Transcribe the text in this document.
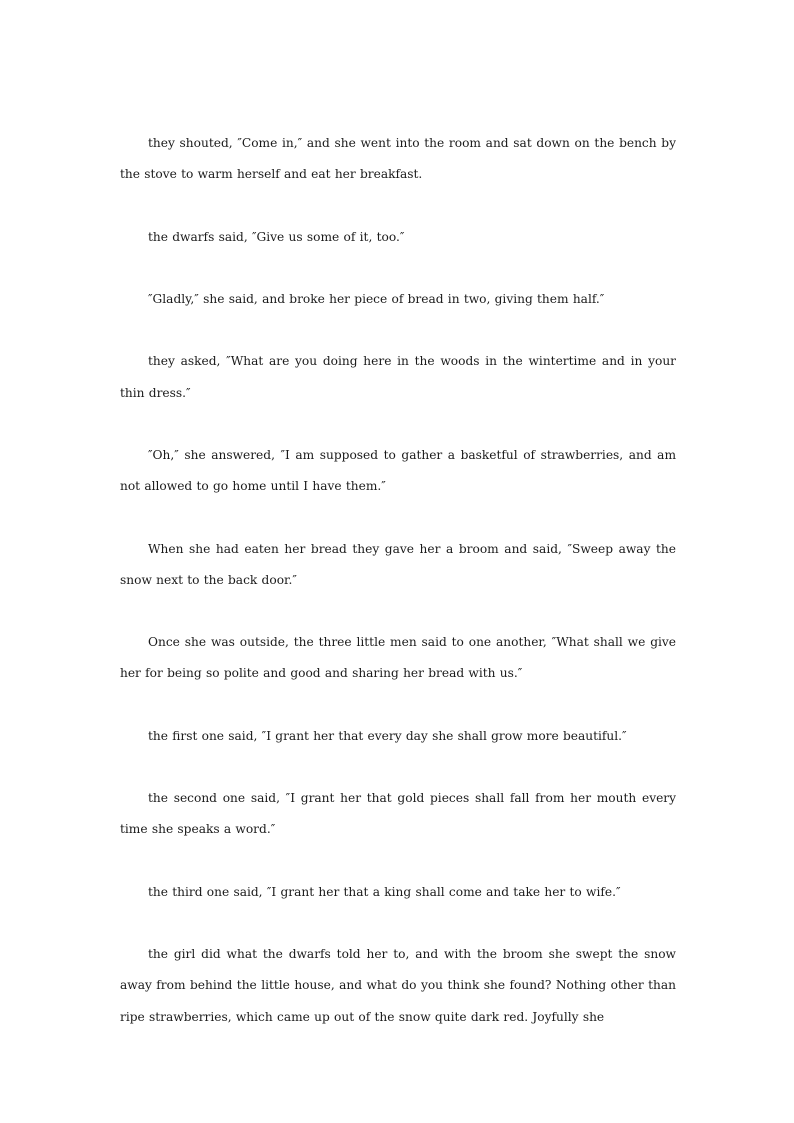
they shouted, ″Come in,″ and she went into the room and sat down on the bench by the stove to warm herself and eat her breakfast.

the dwarfs said, ″Give us some of it, too.″

″Gladly,″ she said, and broke her piece of bread in two, giving them half.″

they asked, ″What are you doing here in the woods in the wintertime and in your thin dress.″

″Oh,″ she answered, ″I am supposed to gather a basketful of strawberries, and am not allowed to go home until I have them.″

When she had eaten her bread they gave her a broom and said, ″Sweep away the snow next to the back door.″

Once she was outside, the three little men said to one another, ″What shall we give her for being so polite and good and sharing her bread with us.″

the first one said, ″I grant her that every day she shall grow more beautiful.″

the second one said, ″I grant her that gold pieces shall fall from her mouth every time she speaks a word.″

the third one said, ″I grant her that a king shall come and take her to wife.″

the girl did what the dwarfs told her to, and with the broom she swept the snow away from behind the little house, and what do you think she found? Nothing other than ripe strawberries, which came up out of the snow quite dark red. Joyfully she
